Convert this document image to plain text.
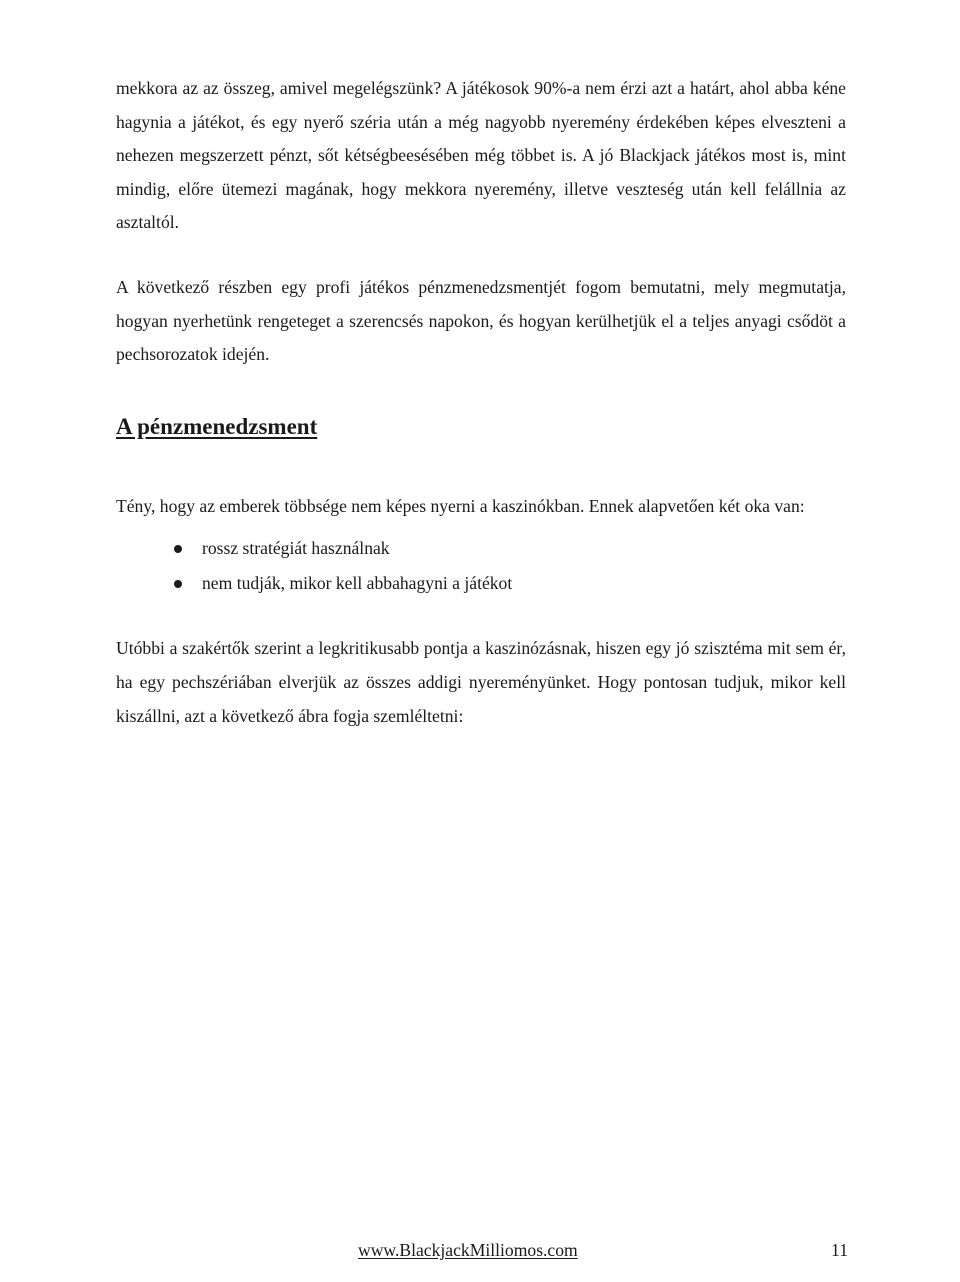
mekkora az az összeg, amivel megelégszünk? A játékosok 90%-a nem érzi azt a határt, ahol abba kéne hagynia a játékot, és egy nyerő széria után a még nagyobb nyeremény érdekében képes elveszteni a nehezen megszerzett pénzt, sőt kétségbeesésében még többet is. A jó Blackjack játékos most is, mint mindig, előre ütemezi magának, hogy mekkora nyeremény, illetve veszteség után kell felállnia az asztaltól.

A következő részben egy profi játékos pénzmenedzsmentjét fogom bemutatni, mely megmutatja, hogyan nyerhetünk rengeteget a szerencsés napokon, és hogyan kerülhetjük el a teljes anyagi csődöt a pechsorozatok idején.

A pénzmenedzsment

Tény, hogy az emberek többsége nem képes nyerni a kaszinókban. Ennek alapvetően két oka van:

rossz stratégiát használnak
nem tudják, mikor kell abbahagyni a játékot

Utóbbi a szakértők szerint a legkritikusabb pontja a kaszinózásnak, hiszen egy jó szisztéma mit sem ér, ha egy pechszériában elverjük az összes addigi nyereményünket. Hogy pontosan tudjuk, mikor kell kiszállni, azt a következő ábra fogja szemléltetni:

www.BlackjackMilliomos.com	11
